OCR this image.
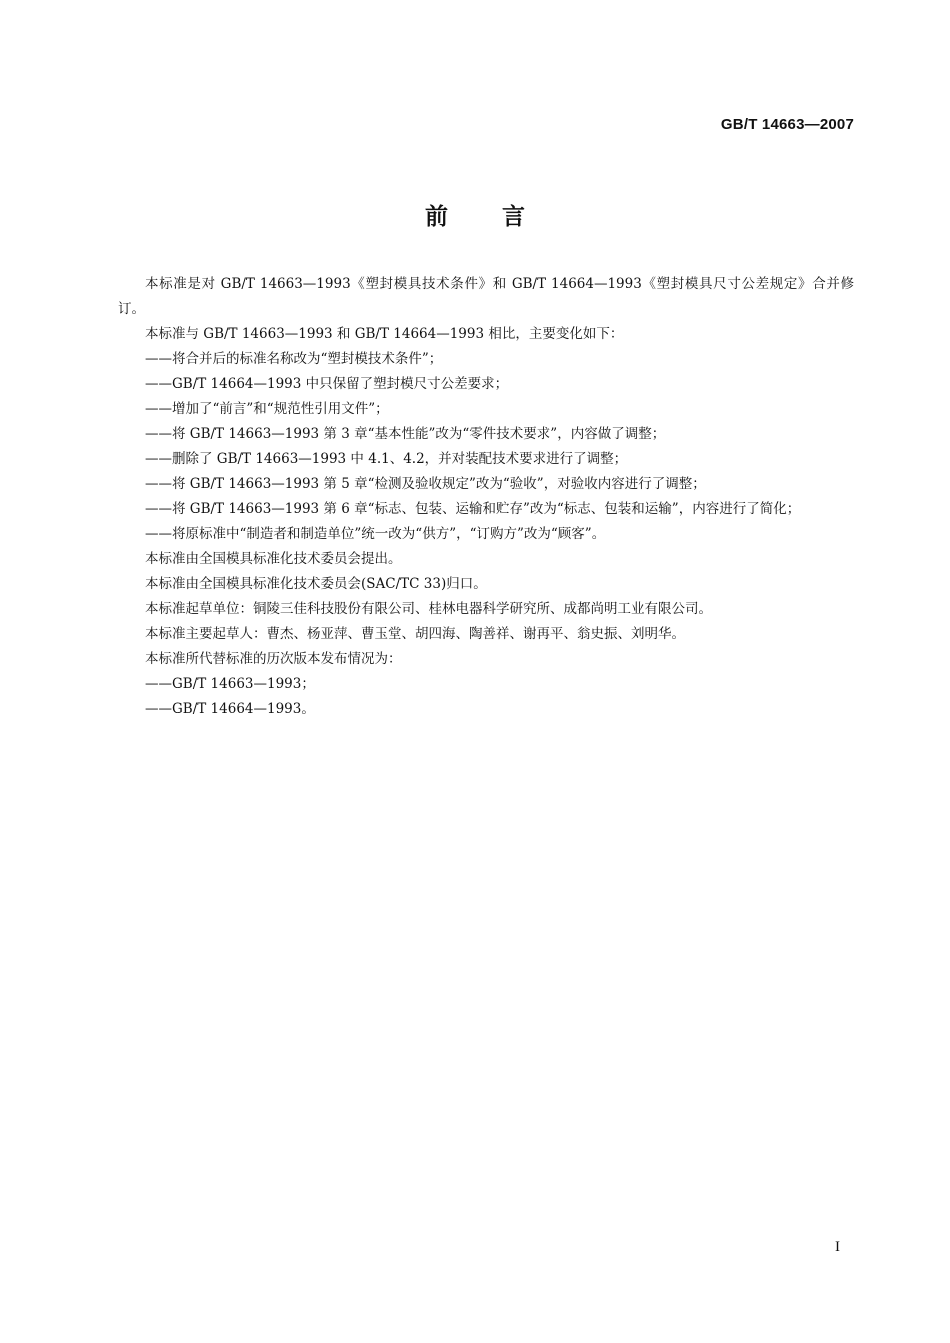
GB/T 14663—2007
前 言

本标准是对 GB/T 14663—1993《塑封模具技术条件》和 GB/T 14664—1993《塑封模具尺寸公差规定》合并修订。

本标准与 GB/T 14663—1993 和 GB/T 14664—1993 相比，主要变化如下：

——将合并后的标准名称改为“塑封模技术条件”；

——GB/T 14664—1993 中只保留了塑封模尺寸公差要求；

——增加了“前言”和“规范性引用文件”；

——将 GB/T 14663—1993 第 3 章“基本性能”改为“零件技术要求”，内容做了调整；

——删除了 GB/T 14663—1993 中 4.1、4.2，并对装配技术要求进行了调整；

——将 GB/T 14663—1993 第 5 章“检测及验收规定”改为“验收”，对验收内容进行了调整；

——将 GB/T 14663—1993 第 6 章“标志、包装、运输和贮存”改为“标志、包装和运输”，内容进行了简化；

——将原标准中“制造者和制造单位”统一改为“供方”，“订购方”改为“顾客”。

本标准由全国模具标准化技术委员会提出。

本标准由全国模具标准化技术委员会(SAC/TC 33)归口。

本标准起草单位：铜陵三佳科技股份有限公司、桂林电器科学研究所、成都尚明工业有限公司。

本标准主要起草人：曹杰、杨亚萍、曹玉堂、胡四海、陶善祥、谢再平、翁史振、刘明华。

本标准所代替标准的历次版本发布情况为：

——GB/T 14663—1993；

——GB/T 14664—1993。

I
